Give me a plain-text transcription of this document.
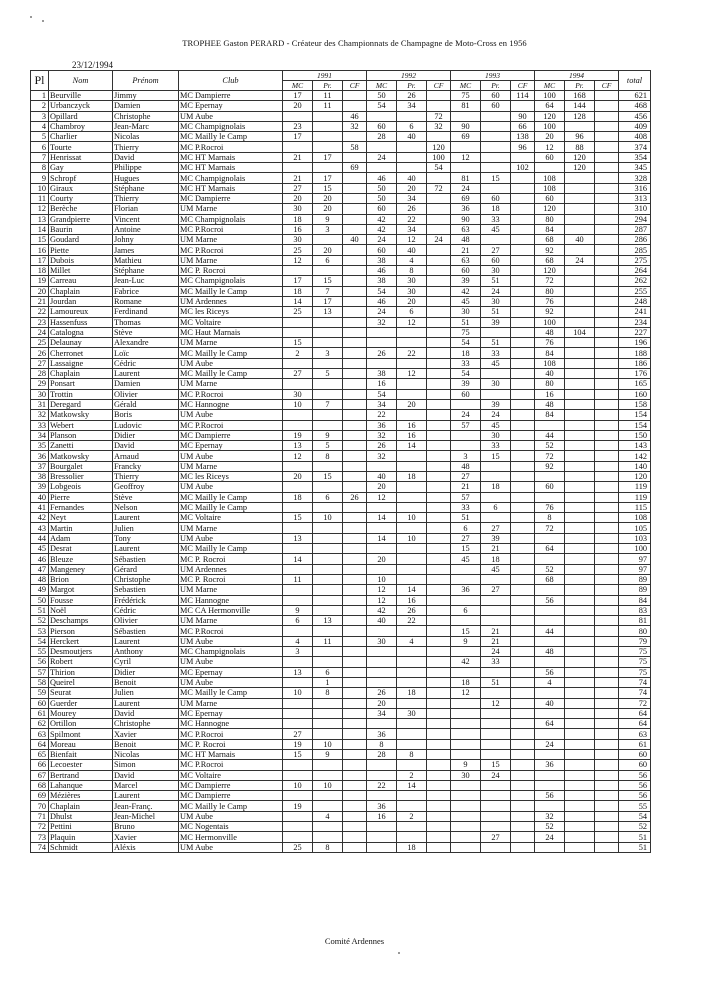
TROPHEE Gaston PERARD - Créateur des Championnats de Champagne de Moto-Cross en 1956
23/12/1994
Pl	Nom	Prénom	Club	1991			1992			1993			1994			total
				MC	Pr.	CF	MC	Pr.	CF	MC	Pr.	CF	MC	Pr.	CF	
1	Beurville	Jimmy	MC Dampierre	17	11		50	26		75	60	114	100	168		621
2	Urbanczyck	Damien	MC Epernay	20	11		54	34		81	60		64	144		468
3	Opillard	Christophe	UM Aube			46			72			90	120	128		456
4	Chambroy	Jean-Marc	MC Champignolais	23		32	60	6	32	90		66	100			409
5	Charlier	Nicolas	MC Mailly le Camp	17			28	40		69		138	20	96		408
6	Tourte	Thierry	MC P.Rocroi			58			120			96	12	88		374
7	Henrissat	David	MC HT Marnais	21	17		24		100	12			60	120		354
8	Gay	Philippe	MC HT Marnais			69			54			102		120		345
9	Schropf	Hugues	MC Champignolais	21	17		46	40		81	15		108			328
10	Giraux	Stéphane	MC HT Marnais	27	15		50	20	72	24			108			316
11	Courty	Thierry	MC Dampierre	20	20		50	34		69	60		60			313
12	Berèche	Florian	UM Marne	30	20		60	26		36	18		120			310
13	Grandpierre	Vincent	MC Champignolais	18	9		42	22		90	33		80			294
14	Baurin	Antoine	MC P.Rocroi	16	3		42	34		63	45		84			287
15	Goudard	Johny	UM Marne	30		40	24	12	24	48			68	40		286
16	Piette	James	MC P.Rocroi	25	20		60	40		21	27		92			285
17	Dubois	Mathieu	UM Marne	12	6		38	4		63	60		68	24		275
18	Millet	Stéphane	MC P. Rocroi				46	8		60	30		120			264
19	Carreau	Jean-Luc	MC Champignolais	17	15		38	30		39	51		72			262
20	Chaplain	Fabrice	MC Mailly le Camp	18	7		54	30		42	24		80			255
21	Jourdan	Romane	UM Ardennes	14	17		46	20		45	30		76			248
22	Lamoureux	Ferdinand	MC les Riceys	25	13		24	6		30	51		92			241
23	Hassenfuss	Thomas	MC Voltaire				32	12		51	39		100			234
24	Catalogna	Stève	MC Haut Marnais							75			48	104		227
25	Delaunay	Alexandre	UM Marne	15						54	51		76			196
26	Cherronet	Loïc	MC Mailly le Camp	2	3		26	22		18	33		84			188
27	Lassaigne	Cédric	UM Aube							33	45		108			186
28	Chaplain	Laurent	MC Mailly le Camp	27	5		38	12		54			40			176
29	Ponsart	Damien	UM Marne				16			39	30		80			165
30	Trottin	Olivier	MC P.Rocroi	30			54			60			16			160
31	Deregard	Gérald	MC Hannogne	10	7		34	20			39		48			158
32	Matkowsky	Boris	UM Aube				22			24	24		84			154
33	Webert	Ludovic	MC P.Rocroi				36	16		57	45					154
34	Planson	Didier	MC Dampierre	19	9		32	16			30		44			150
35	Zanetti	David	MC Epernay	13	5		26	14			33		52			143
36	Matkowsky	Arnaud	UM Aube	12	8		32			3	15		72			142
37	Bourgalet	Francky	UM Marne							48			92			140
38	Bressolier	Thierry	MC les Riceys	20	15		40	18		27						120
39	Lobgeois	Geoffroy	UM Aube				20			21	18		60			119
40	Pierre	Stève	MC Mailly le Camp	18	6	26	12			57						119
41	Fernandes	Nelson	MC Mailly le Camp							33	6		76			115
42	Neyt	Laurent	MC Voltaire	15	10		14	10		51			8			108
43	Martin	Julien	UM Marne							6	27		72			105
44	Adam	Tony	UM Aube	13			14	10		27	39					103
45	Desrat	Laurent	MC Mailly le Camp							15	21		64			100
46	Bleuze	Sébastien	MC P. Rocroi	14			20			45	18					97
47	Mangeney	Gérard	UM Ardennes								45		52			97
48	Brion	Christophe	MC P. Rocroi	11			10						68			89
49	Margot	Sebastien	UM Marne				12	14		36	27					89
50	Fousse	Frédérick	MC Hannogne				12	16					56			84
51	Noël	Cédric	MC CA Hermonville	9			42	26		6						83
52	Deschamps	Olivier	UM Marne	6	13		40	22								81
53	Pierson	Sébastien	MC P.Rocroi							15	21		44			80
54	Herckert	Laurent	UM Aube	4	11		30	4		9	21					79
55	Desmoutjers	Anthony	MC Champignolais	3							24		48			75
56	Robert	Cyril	UM Aube							42	33					75
57	Thirion	Didier	MC Epernay	13	6								56			75
58	Queirel	Benoit	UM Aube		1					18	51		4			74
59	Seurat	Julien	MC Mailly le Camp	10	8		26	18		12						74
60	Guerder	Laurent	UM Marne				20				12		40			72
61	Mourey	David	MC Epernay				34	30								64
62	Ortillon	Christophe	MC Hannogne										64			64
63	Spilmont	Xavier	MC P.Rocroi	27			36									63
64	Moreau	Benoit	MC P. Rocroi	19	10		8						24			61
65	Bienfait	Nicolas	MC HT Marnais	15	9		28	8								60
66	Lecoester	Simon	MC P.Rocroi							9	15		36			60
67	Bertrand	David	MC Voltaire					2		30	24					56
68	Lahanque	Marcel	MC Dampierre	10	10		22	14								56
69	Mézières	Laurent	MC Dampierre										56			56
70	Chaplain	Jean-Franç.	MC Mailly le Camp	19			36									55
71	Dhulst	Jean-Michel	UM Aube		4		16	2					32			54
72	Pettini	Bruno	MC Nogentais										52			52
73	Plaquin	Xavier	MC Hermonville								27		24			51
74	Schmidt	Aléxis	UM Aube	25	8			18								51
Comité Ardennes
